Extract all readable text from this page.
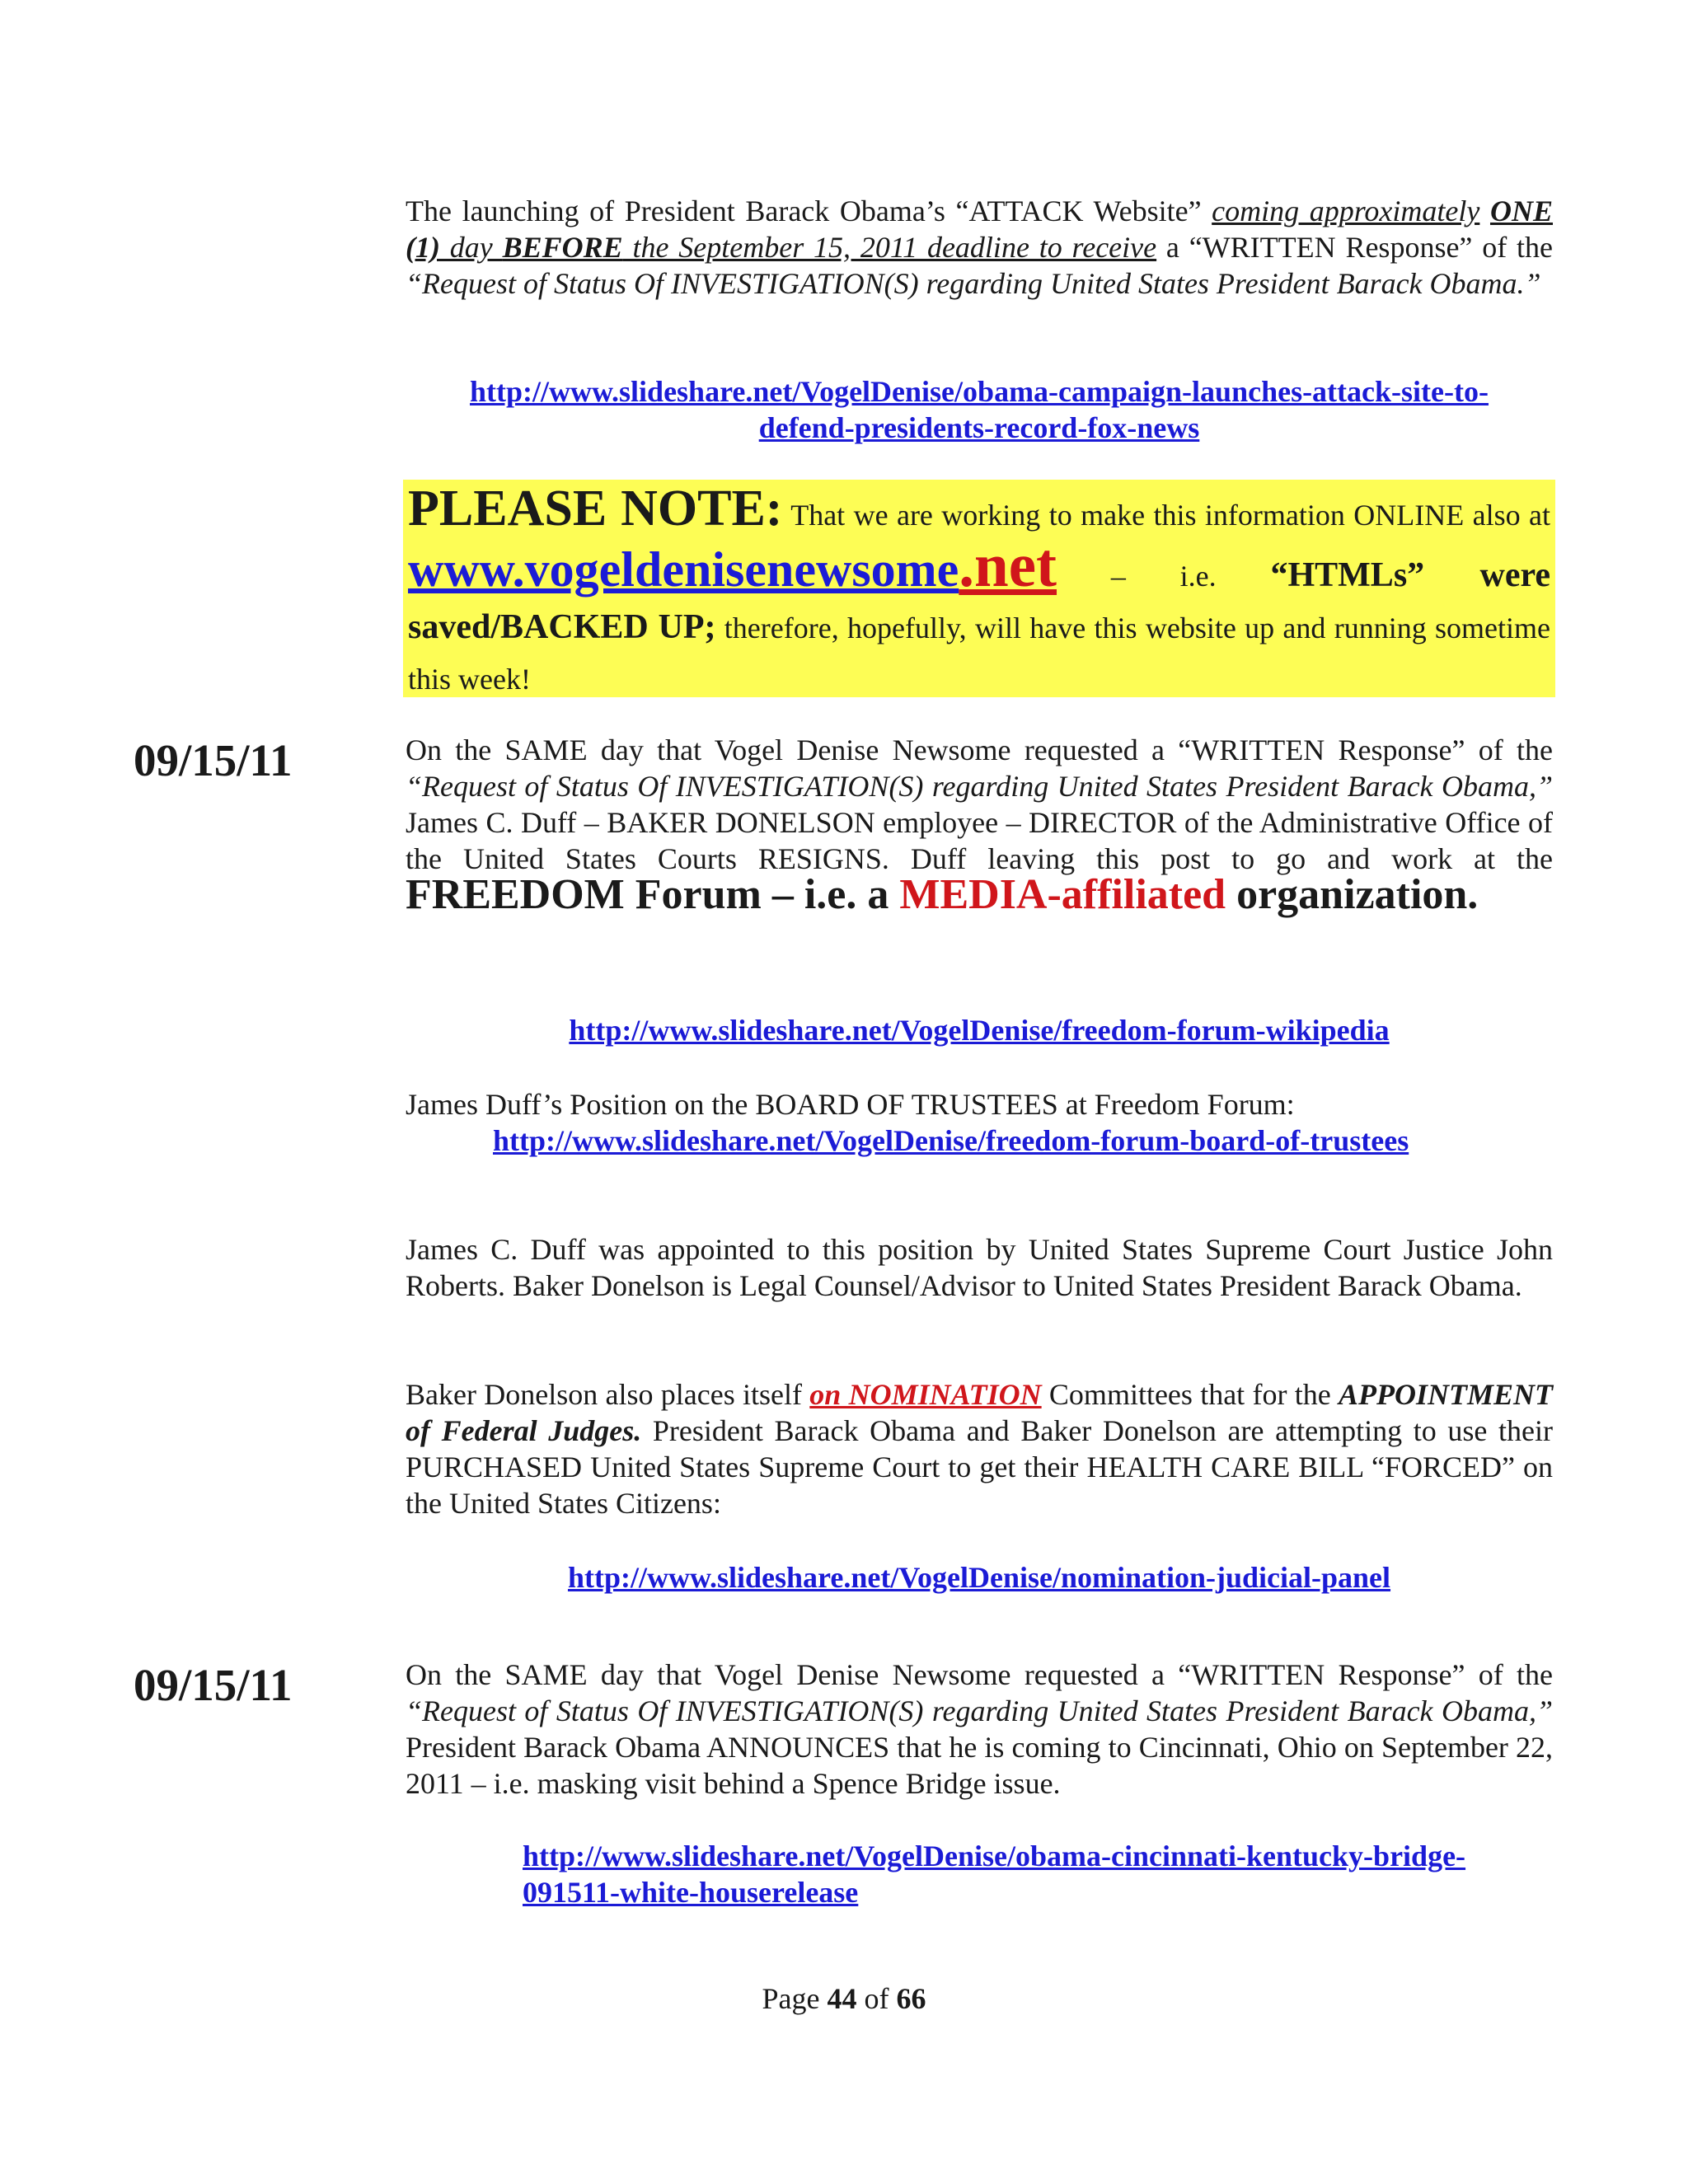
The launching of President Barack Obama’s “ATTACK Website” coming approximately ONE (1) day BEFORE the September 15, 2011 deadline to receive a “WRITTEN Response” of the “Request of Status Of INVESTIGATION(S) regarding United States President Barack Obama.”
http://www.slideshare.net/VogelDenise/obama-campaign-launches-attack-site-to-
defend-presidents-record-fox-news
PLEASE NOTE: That we are working to make this information ONLINE also at www.vogeldenisenewsome.net – i.e. “HTMLs” were saved/BACKED UP; therefore, hopefully, will have this website up and running sometime this week!
09/15/11	On the SAME day that Vogel Denise Newsome requested a “WRITTEN Response” of the “Request of Status Of INVESTIGATION(S) regarding United States President Barack Obama,” James C. Duff – BAKER DONELSON employee – DIRECTOR of the Administrative Office of the United States Courts RESIGNS. Duff leaving this post to go and work at the FREEDOM Forum – i.e. a MEDIA-affiliated organization.
http://www.slideshare.net/VogelDenise/freedom-forum-wikipedia
James Duff’s Position on the BOARD OF TRUSTEES at Freedom Forum:
http://www.slideshare.net/VogelDenise/freedom-forum-board-of-trustees
James C. Duff was appointed to this position by United States Supreme Court Justice John Roberts. Baker Donelson is Legal Counsel/Advisor to United States President Barack Obama.
Baker Donelson also places itself on NOMINATION Committees that for the APPOINTMENT of Federal Judges. President Barack Obama and Baker Donelson are attempting to use their PURCHASED United States Supreme Court to get their HEALTH CARE BILL “FORCED” on the United States Citizens:
http://www.slideshare.net/VogelDenise/nomination-judicial-panel
09/15/11	On the SAME day that Vogel Denise Newsome requested a “WRITTEN Response” of the “Request of Status Of INVESTIGATION(S) regarding United States President Barack Obama,” President Barack Obama ANNOUNCES that he is coming to Cincinnati, Ohio on September 22, 2011 – i.e. masking visit behind a Spence Bridge issue.
http://www.slideshare.net/VogelDenise/obama-cincinnati-kentucky-bridge-
091511-white-houserelease
Page 44 of 66
